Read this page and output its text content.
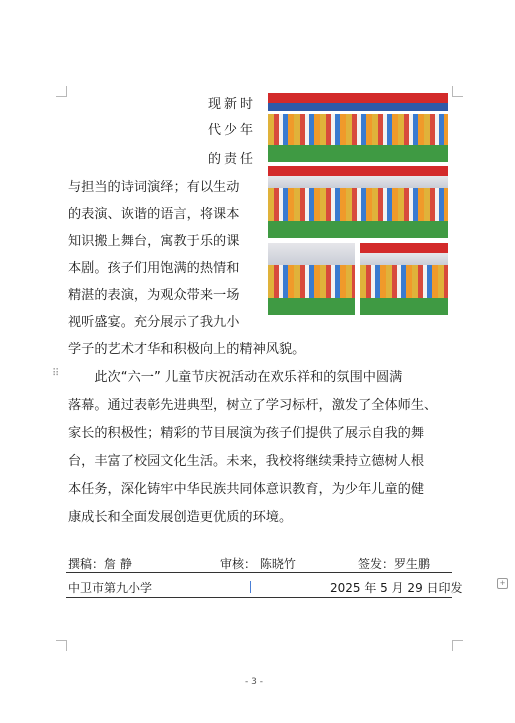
现新时
代少年
的责任
与担当的诗词演绎；有以生动
的表演、诙谐的语言，将课本
知识搬上舞台，寓教于乐的课
本剧。孩子们用饱满的热情和
精湛的表演，为观众带来一场
视听盛宴。充分展示了我九小
学子的艺术才华和积极向上的精神风貌。
⠿ 　　此次“六一” 儿童节庆祝活动在欢乐祥和的氛围中圆满
落幕。通过表彰先进典型，树立了学习标杆，激发了全体师生、
家长的积极性；精彩的节目展演为孩子们提供了展示自我的舞
台，丰富了校园文化生活。未来，我校将继续秉持立德树人根
本任务，深化铸牢中华民族共同体意识教育，为少年儿童的健
康成长和全面发展创造更优质的环境。
撰稿：詹 静	审核： 陈晓竹	签发：罗生鹏
中卫市第九小学	2025 年 5 月 29 日印发	+
- 3 -
